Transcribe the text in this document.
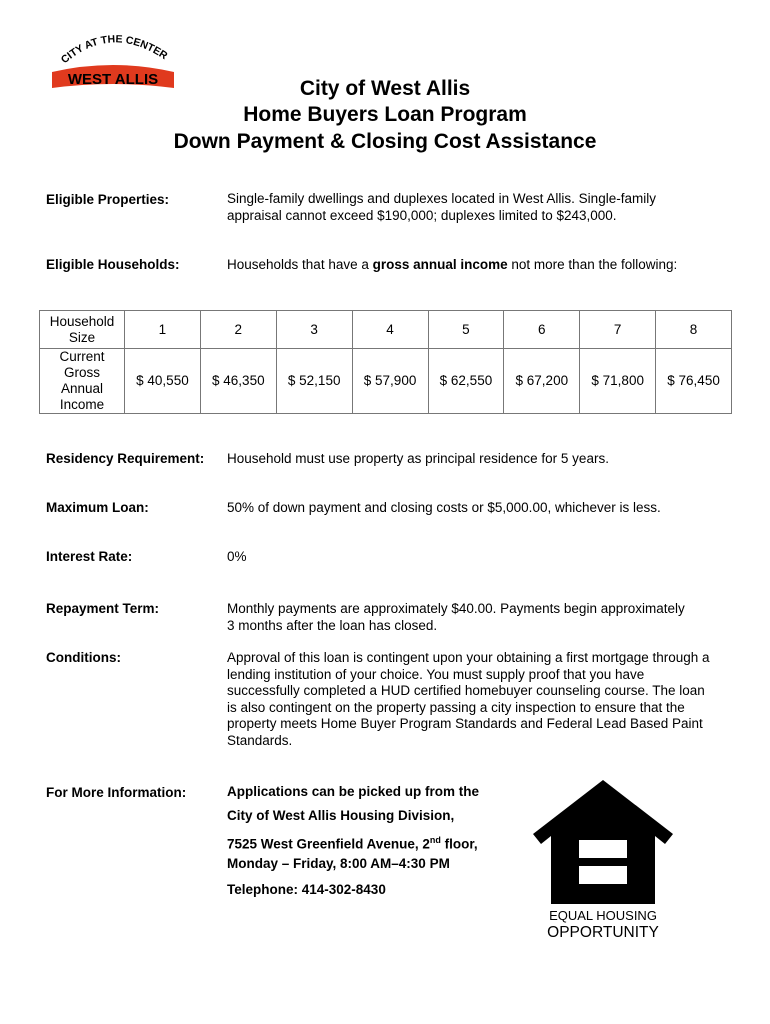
CITY AT THE CENTER
WEST ALLIS	City of West Allis
Home Buyers Loan Program
Down Payment & Closing Cost Assistance
Eligible Properties:	Single-family dwellings and duplexes located in West Allis. Single-family
appraisal cannot exceed $190,000; duplexes limited to $243,000.
Eligible Households:	Households that have a gross annual income not more than the following:
Household
Size	1	2	3	4	5	6	7	8

Current
Gross
Annual
Income	$ 40,550	$ 46,350	$ 52,150	$ 57,900	$ 62,550	$ 67,200	$ 71,800	$ 76,450
Residency Requirement: Household must use property as principal residence for 5 years.
Maximum Loan:	50% of down payment and closing costs or $5,000.00, whichever is less.
Interest Rate:	0%
Repayment Term:	Monthly payments are approximately $40.00. Payments begin approximately
3 months after the loan has closed.
Conditions:	Approval of this loan is contingent upon your obtaining a first mortgage through a
lending institution of your choice. You must supply proof that you have
successfully completed a HUD certified homebuyer counseling course. The loan
is also contingent on the property passing a city inspection to ensure that the
property meets Home Buyer Program Standards and Federal Lead Based Paint
Standards.
For More Information:	Applications can be picked up from the
City of West Allis Housing Division,
7525 West Greenfield Avenue, 2nd floor,
Monday – Friday, 8:00 AM–4:30 PM
Telephone: 414-302-8430
EQUAL HOUSING
OPPORTUNITY
